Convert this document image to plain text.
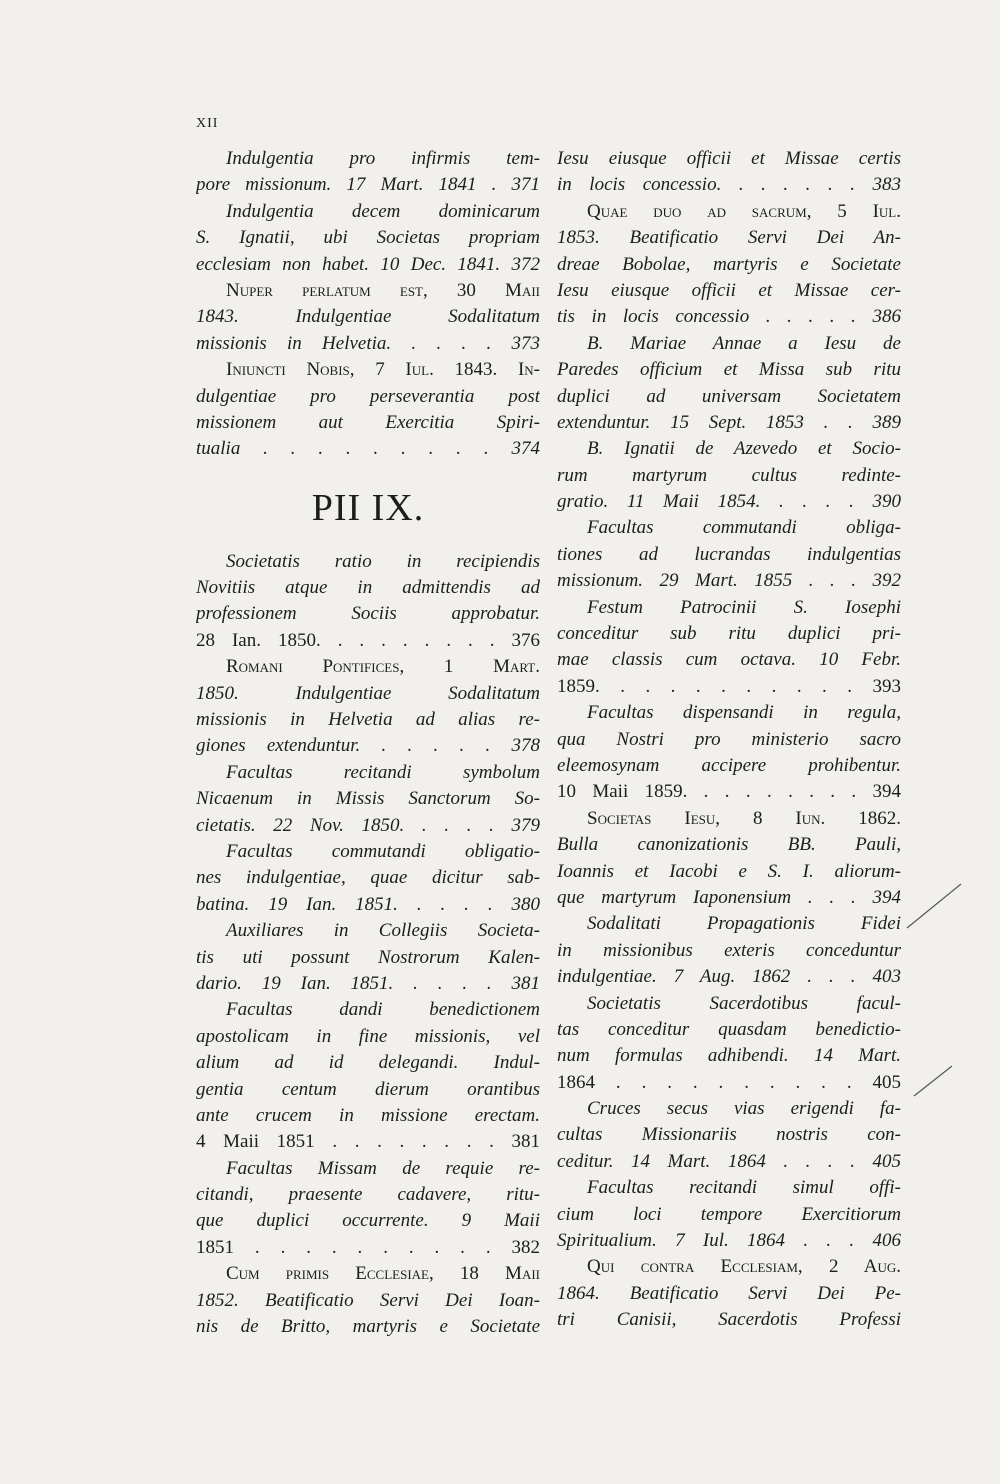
XII
Indulgentia pro infirmis tem-
pore missionum. 17 Mart. 1841 . 371
Indulgentia decem dominicarum
S. Ignatii, ubi Societas propriam
ecclesiam non habet. 10 Dec. 1841. 372
Nuper perlatum est, 30 Maii
1843. Indulgentiae Sodalitatum
missionis in Helvetia. . . . . 373
Iniuncti Nobis, 7 Iul. 1843. In-
dulgentiae pro perseverantia post
missionem aut Exercitia Spiri-
tualia . . . . . . . . . 374
PII IX.
Societatis ratio in recipiendis
Novitiis atque in admittendis ad
professionem Sociis approbatur.
28 Ian. 1850. . . . . . . . . 376
Romani Pontifices, 1 Mart.
1850. Indulgentiae Sodalitatum
missionis in Helvetia ad alias re-
giones extenduntur. . . . . . 378
Facultas recitandi symbolum
Nicaenum in Missis Sanctorum So-
cietatis. 22 Nov. 1850. . . . . 379
Facultas commutandi obligatio-
nes indulgentiae, quae dicitur sab-
batina. 19 Ian. 1851. . . . . 380
Auxiliares in Collegiis Societa-
tis uti possunt Nostrorum Kalen-
dario. 19 Ian. 1851. . . . . 381
Facultas dandi benedictionem
apostolicam in fine missionis, vel
alium ad id delegandi. Indul-
gentia centum dierum orantibus
ante crucem in missione erectam.
4 Maii 1851 . . . . . . . . 381
Facultas Missam de requie re-
citandi, praesente cadavere, ritu-
que duplici occurrente. 9 Maii
1851 . . . . . . . . . . 382
Cum primis Ecclesiae, 18 Maii
1852. Beatificatio Servi Dei Ioan-
nis de Britto, martyris e Societate
Iesu eiusque officii et Missae certis
in locis concessio. . . . . . . 383
Quae duo ad sacrum, 5 Iul.
1853. Beatificatio Servi Dei An-
dreae Bobolae, martyris e Societate
Iesu eiusque officii et Missae cer-
tis in locis concessio . . . . . 386
B. Mariae Annae a Iesu de
Paredes officium et Missa sub ritu
duplici ad universam Societatem
extenduntur. 15 Sept. 1853 . . 389
B. Ignatii de Azevedo et Socio-
rum martyrum cultus redinte-
gratio. 11 Maii 1854. . . . . 390
Facultas commutandi obliga-
tiones ad lucrandas indulgentias
missionum. 29 Mart. 1855 . . . 392
Festum Patrocinii S. Iosephi
conceditur sub ritu duplici pri-
mae classis cum octava. 10 Febr.
1859. . . . . . . . . . . 393
Facultas dispensandi in regula,
qua Nostri pro ministerio sacro
eleemosynam accipere prohibentur.
10 Maii 1859. . . . . . . . . 394
Societas Iesu, 8 Iun. 1862.
Bulla canonizationis BB. Pauli,
Ioannis et Iacobi e S. I. aliorum-
que martyrum Iaponensium . . . 394
Sodalitati Propagationis Fidei
in missionibus exteris conceduntur
indulgentiae. 7 Aug. 1862 . . . 403
Societatis Sacerdotibus facul-
tas conceditur quasdam benedictio-
num formulas adhibendi. 14 Mart.
1864 . . . . . . . . . . 405
Cruces secus vias erigendi fa-
cultas Missionariis nostris con-
ceditur. 14 Mart. 1864 . . . . 405
Facultas recitandi simul offi-
cium loci tempore Exercitiorum
Spiritualium. 7 Iul. 1864 . . . 406
Qui contra Ecclesiam, 2 Aug.
1864. Beatificatio Servi Dei Pe-
tri Canisii, Sacerdotis Professi
